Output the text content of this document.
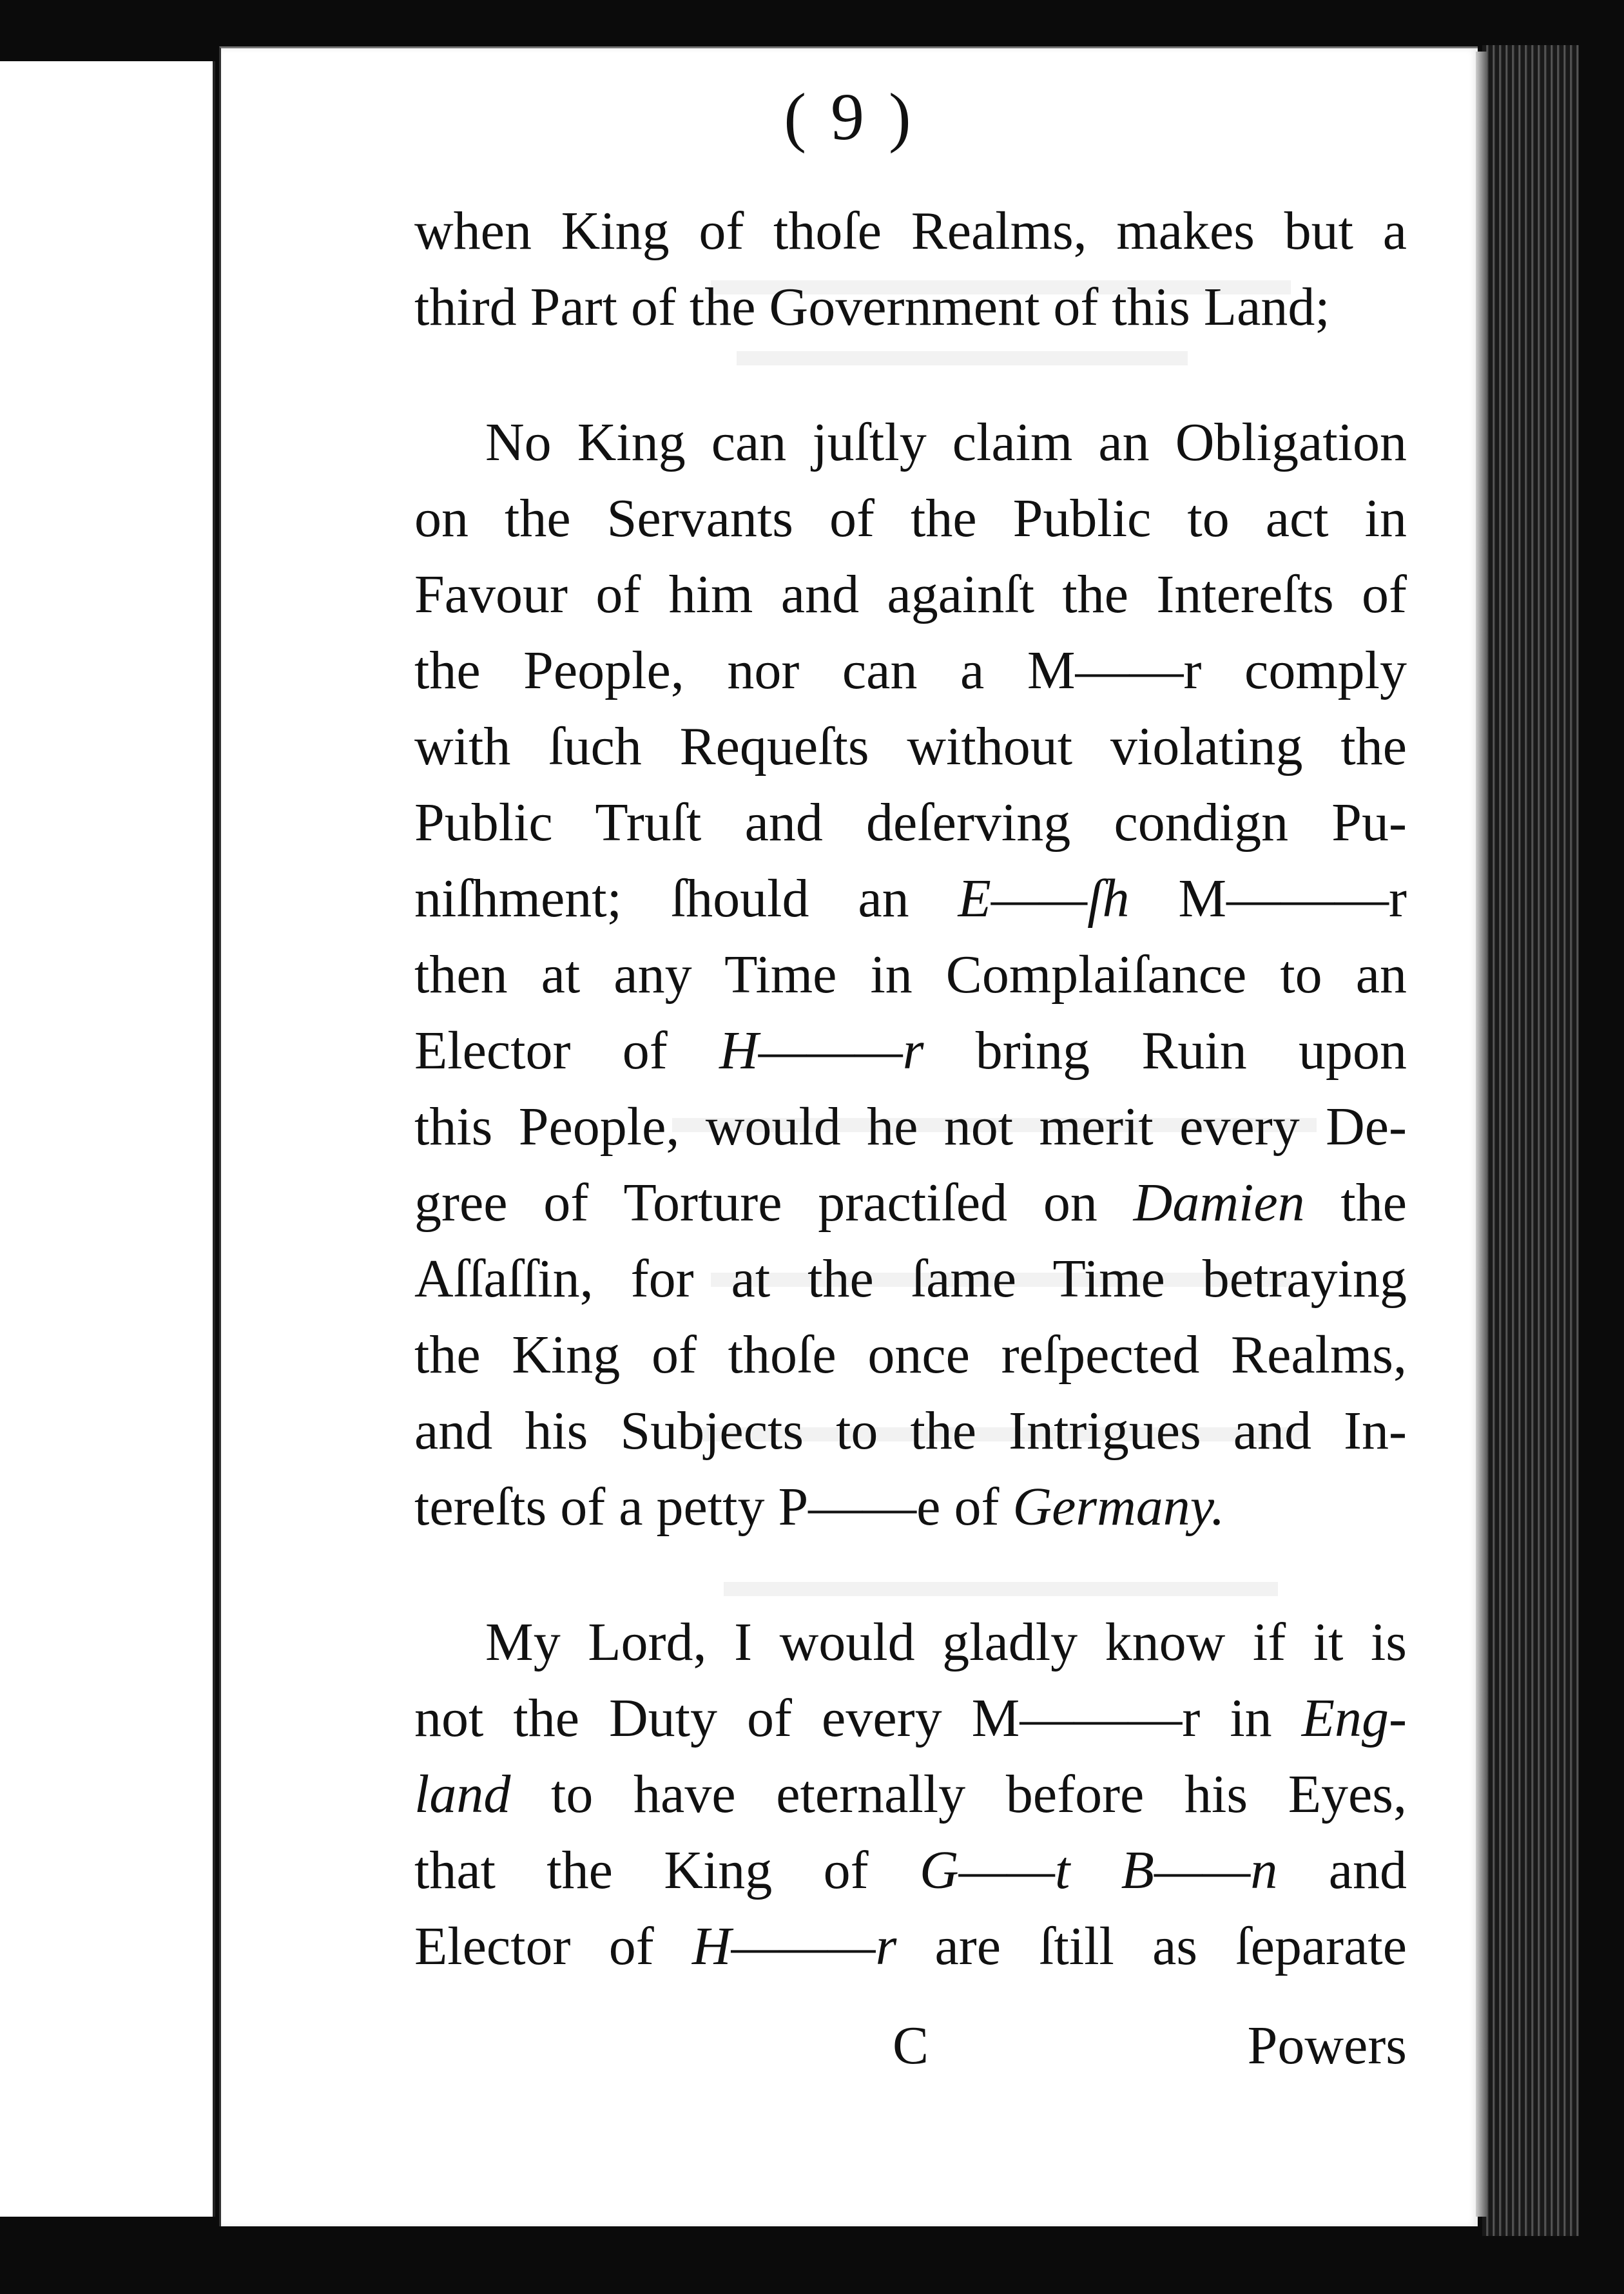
( 9 )
when King of thoſe Realms, makes but a
third Part of the Government of this Land;
No King can juſtly claim an Obligation
on the Servants of the Public to act in
Favour of him and againſt the Intereſts of
the People, nor can a M——r comply
with ſuch Requeſts without violating the
Public Truſt and deſerving condign Pu-
niſhment; ſhould an E——ſh M———r
then at any Time in Complaiſance to an
Elector of H———r bring Ruin upon
this People, would he not merit every De-
gree of Torture practiſed on Damien the
Aſſaſſin, for at the ſame Time betraying
the King of thoſe once reſpected Realms,
and his Subjects to the Intrigues and In-
tereſts of a petty P——e of Germany.
My Lord, I would gladly know if it is
not the Duty of every M———r in Eng-
land to have eternally before his Eyes,
that the King of G——t B——n and
Elector of H———r are ſtill as ſeparate
C	Powers
